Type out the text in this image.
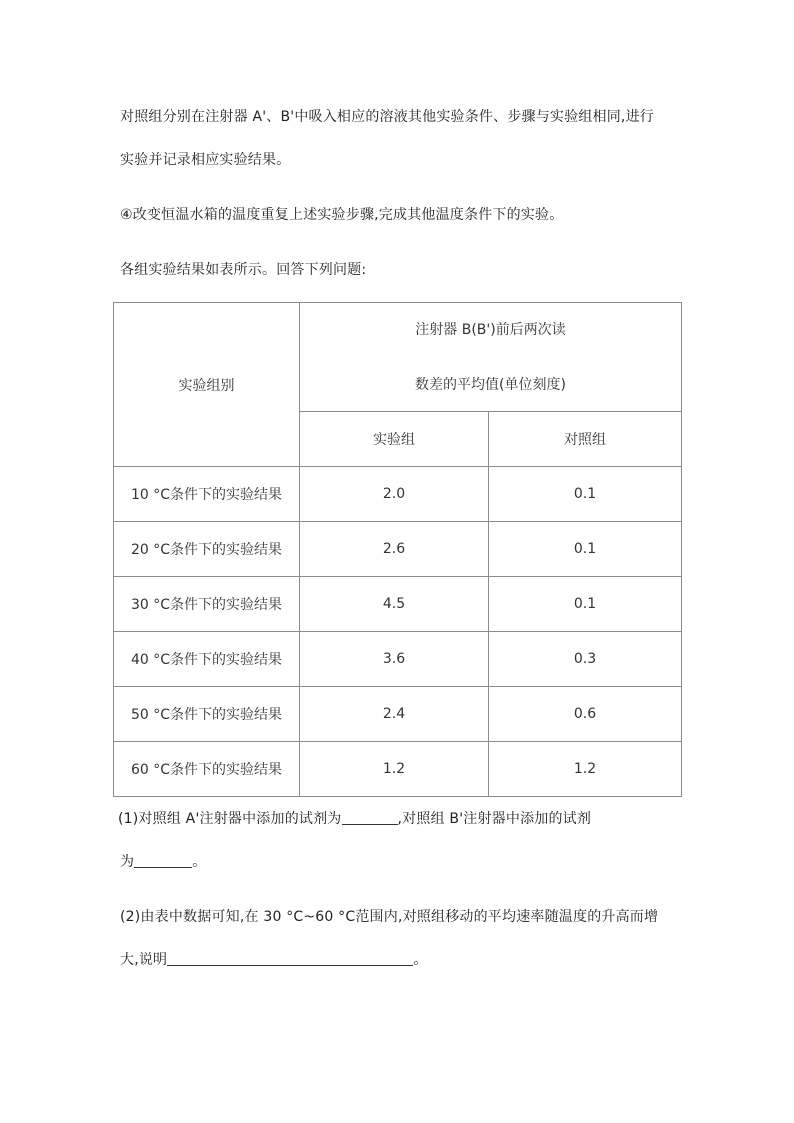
对照组分别在注射器 A'、B'中吸入相应的溶液其他实验条件、步骤与实验组相同,进行
实验并记录相应实验结果。
④改变恒温水箱的温度重复上述实验步骤,完成其他温度条件下的实验。
各组实验结果如表所示。回答下列问题:
实验组别	注射器 B(B')前后两次读
数差的平均值(单位刻度)	

	实验组	对照组
10 °C条件下的实验结果	2.0	0.1
20 °C条件下的实验结果	2.6	0.1
30 °C条件下的实验结果	4.5	0.1
40 °C条件下的实验结果	3.6	0.3
50 °C条件下的实验结果	2.4	0.6
60 °C条件下的实验结果	1.2	1.2
(1)对照组 A'注射器中添加的试剂为	,对照组 B'注射器中添加的试剂
为	。
(2)由表中数据可知,在 30 °C~60 °C范围内,对照组移动的平均速率随温度的升高而增
大,说明	。
